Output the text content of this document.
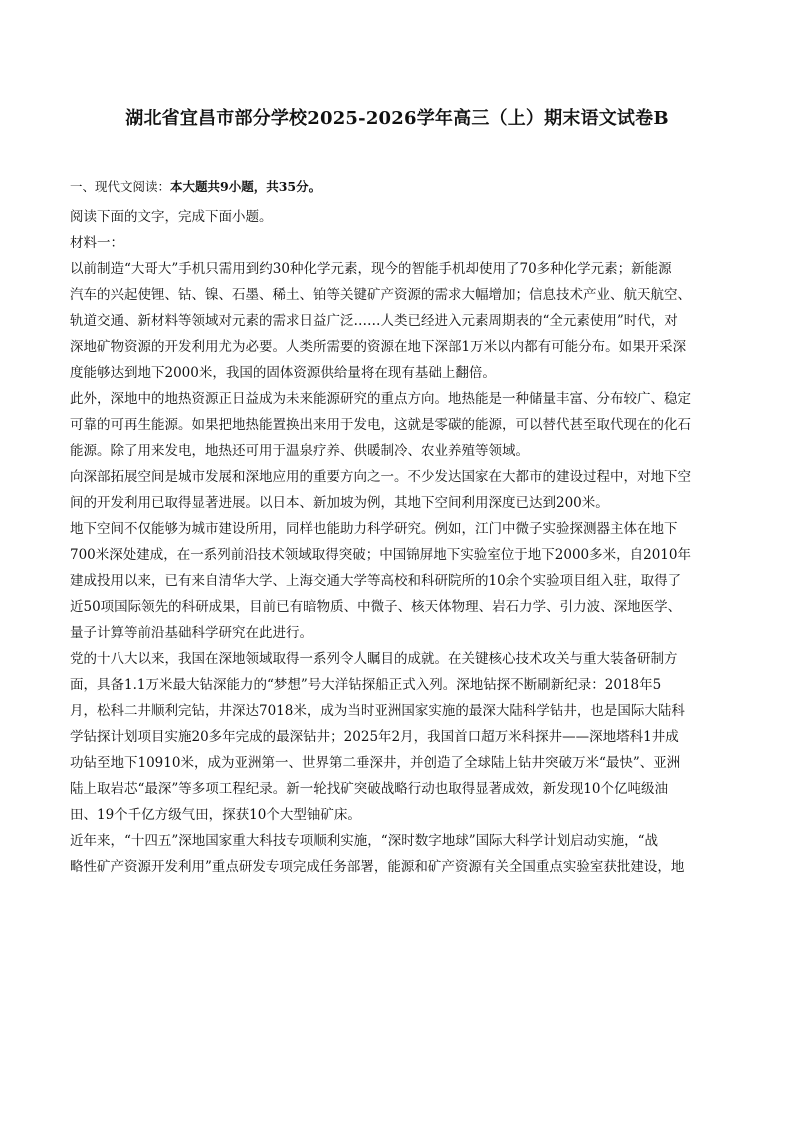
湖北省宜昌市部分学校2025-2026学年高三（上）期末语文试卷B
一、现代文阅读：本大题共9小题，共35分。
阅读下面的文字，完成下面小题。
材料一：
以前制造“大哥大”手机只需用到约30种化学元素，现今的智能手机却使用了70多种化学元素；新能源
汽车的兴起使锂、钴、镍、石墨、稀土、铂等关键矿产资源的需求大幅增加；信息技术产业、航天航空、
轨道交通、新材料等领域对元素的需求日益广泛……人类已经进入元素周期表的“全元素使用”时代，对
深地矿物资源的开发利用尤为必要。人类所需要的资源在地下深部1万米以内都有可能分布。如果开采深
度能够达到地下2000米，我国的固体资源供给量将在现有基础上翻倍。
此外，深地中的地热资源正日益成为未来能源研究的重点方向。地热能是一种储量丰富、分布较广、稳定
可靠的可再生能源。如果把地热能置换出来用于发电，这就是零碳的能源，可以替代甚至取代现在的化石
能源。除了用来发电，地热还可用于温泉疗养、供暖制冷、农业养殖等领域。
向深部拓展空间是城市发展和深地应用的重要方向之一。不少发达国家在大都市的建设过程中，对地下空
间的开发利用已取得显著进展。以日本、新加坡为例，其地下空间利用深度已达到200米。
地下空间不仅能够为城市建设所用，同样也能助力科学研究。例如，江门中微子实验探测器主体在地下
700米深处建成，在一系列前沿技术领域取得突破；中国锦屏地下实验室位于地下2000多米，自2010年
建成投用以来，已有来自清华大学、上海交通大学等高校和科研院所的10余个实验项目组入驻，取得了
近50项国际领先的科研成果，目前已有暗物质、中微子、核天体物理、岩石力学、引力波、深地医学、
量子计算等前沿基础科学研究在此进行。
党的十八大以来，我国在深地领域取得一系列令人瞩目的成就。在关键核心技术攻关与重大装备研制方
面，具备1.1万米最大钻深能力的“梦想”号大洋钻探船正式入列。深地钻探不断刷新纪录：2018年5
月，松科二井顺利完钻，井深达7018米，成为当时亚洲国家实施的最深大陆科学钻井，也是国际大陆科
学钻探计划项目实施20多年完成的最深钻井；2025年2月，我国首口超万米科探井——深地塔科1井成
功钻至地下10910米，成为亚洲第一、世界第二垂深井，并创造了全球陆上钻井突破万米“最快”、亚洲
陆上取岩芯“最深”等多项工程纪录。新一轮找矿突破战略行动也取得显著成效，新发现10个亿吨级油
田、19个千亿方级气田，探获10个大型铀矿床。
近年来，“十四五”深地国家重大科技专项顺利实施，“深时数字地球”国际大科学计划启动实施，“战
略性矿产资源开发利用”重点研发专项完成任务部署，能源和矿产资源有关全国重点实验室获批建设，地
